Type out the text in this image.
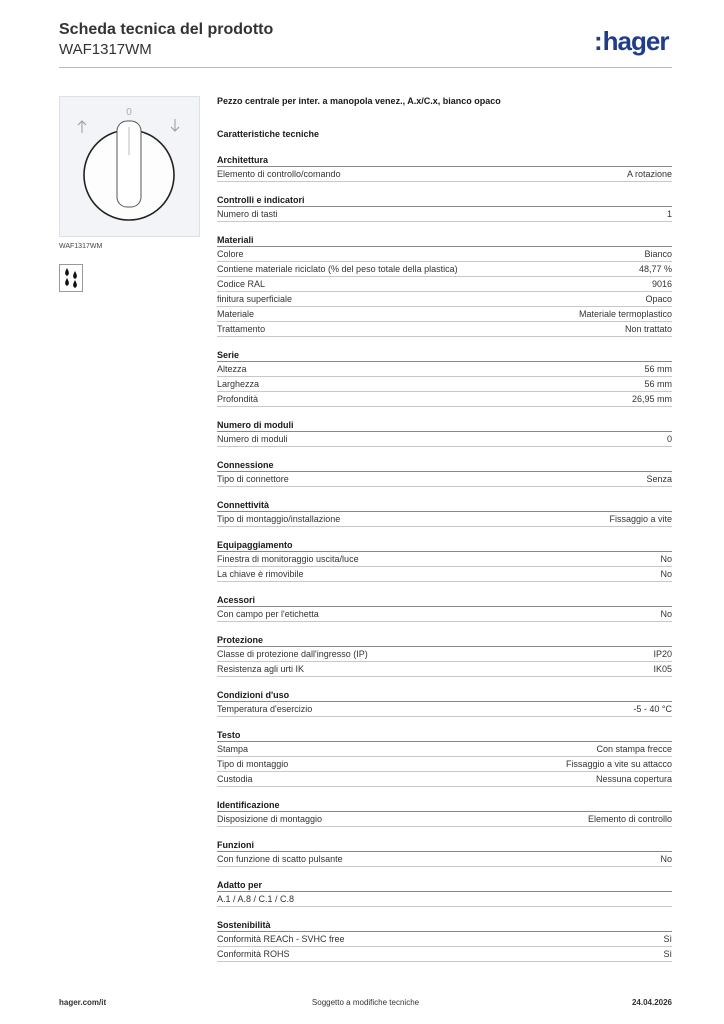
Scheda tecnica del prodotto
WAF1317WM	: hager
0
WAF1317WM
Pezzo centrale per inter. a manopola venez., A.x/C.x, bianco opaco
Caratteristiche tecniche
Architettura
Elemento di controllo/comando	A rotazione
Controlli e indicatori
Numero di tasti	1
Materiali
Colore	Bianco
Contiene materiale riciclato (% del peso totale della plastica)	48,77 %
Codice RAL	9016
finitura superficiale	Opaco
Materiale	Materiale termoplastico
Trattamento	Non trattato
Serie
Altezza	56 mm
Larghezza	56 mm
Profondità	26,95 mm
Numero di moduli
Numero di moduli	0
Connessione
Tipo di connettore	Senza
Connettività
Tipo di montaggio/installazione	Fissaggio a vite
Equipaggiamento
Finestra di monitoraggio uscita/luce	No
La chiave è rimovibile	No
Acessori
Con campo per l'etichetta	No
Protezione
Classe di protezione dall'ingresso (IP)	IP20
Resistenza agli urti IK	IK05
Condizioni d'uso
Temperatura d'esercizio	-5 - 40 °C
Testo
Stampa	Con stampa frecce
Tipo di montaggio	Fissaggio a vite su attacco
Custodia	Nessuna copertura
Identificazione
Disposizione di montaggio	Elemento di controllo
Funzioni
Con funzione di scatto pulsante	No
Adatto per
A.1 / A.8 / C.1 / C.8
Sostenibilità
Conformità REACh - SVHC free	Sì
Conformità ROHS	Sì
hager.com/it	Soggetto a modifiche tecniche	24.04.2026
